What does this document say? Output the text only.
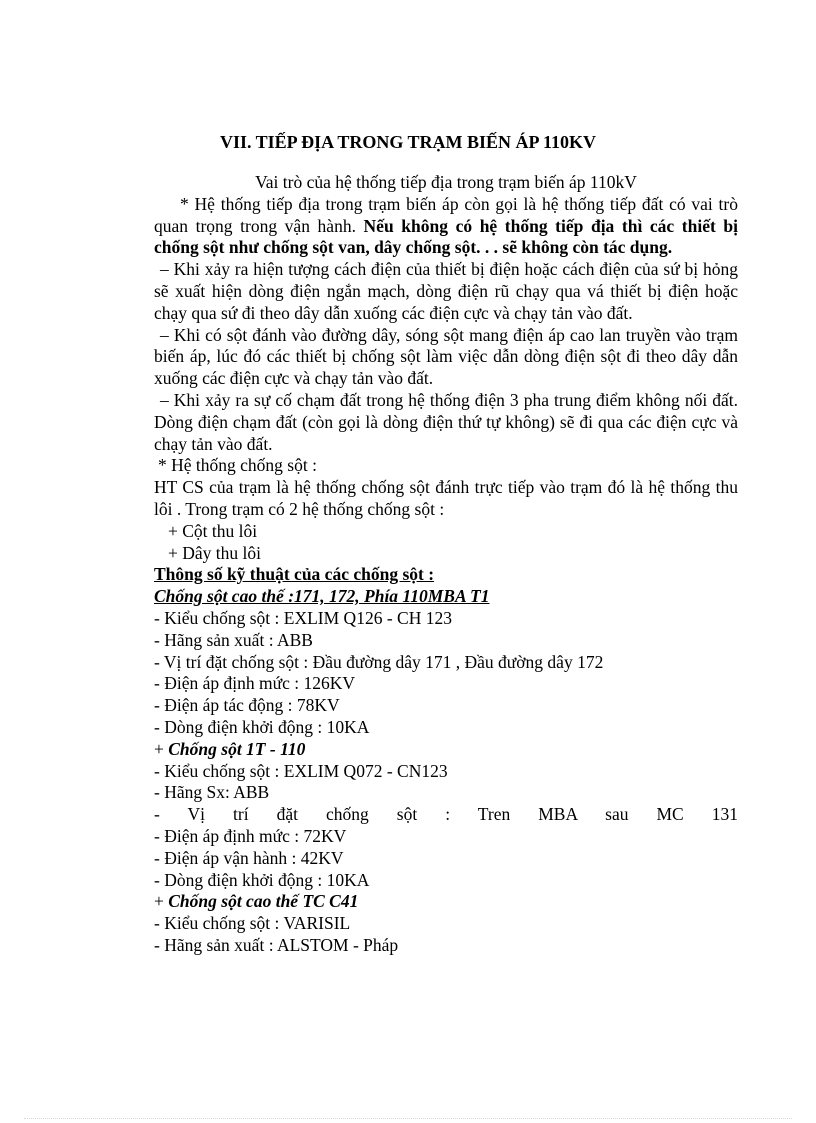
VII. TIẾP ĐỊA TRONG TRẠM BIẾN ÁP 110KV

Vai trò của hệ thống tiếp địa trong trạm biến áp 110kV

* Hệ thống tiếp địa trong trạm biến áp còn gọi là hệ thống tiếp đất có vai trò quan trọng trong vận hành. Nếu không có hệ thống tiếp địa thì các thiết bị chống sột như chống sột van, dây chống sột. . . sẽ không còn tác dụng.

– Khi xảy ra hiện tượng cách điện của thiết bị điện hoặc cách điện của sứ bị hỏng sẽ xuất hiện dòng điện ngắn mạch, dòng điện rũ chạy qua vá thiết bị điện hoặc chạy qua sứ đi theo dây dẫn xuống các điện cực và chạy tản vào đất.

– Khi có sột đánh vào đường dây, sóng sột mang điện áp cao lan truyền vào trạm biến áp, lúc đó các thiết bị chống sột làm việc dẫn dòng điện sột đi theo dây dẫn xuống các điện cực và chạy tản vào đất.

– Khi xảy ra sự cố chạm đất trong hệ thống điện 3 pha trung điểm không nối đất. Dòng điện chạm đất (còn gọi là dòng điện thứ tự không) sẽ đi qua các điện cực và chạy tản vào đất.

* Hệ thống chống sột :

HT CS của trạm là hệ thống chống sột đánh trực tiếp vào trạm đó là hệ thống thu lôi . Trong trạm có 2 hệ thống chống sột :

+ Cột thu lôi

+ Dây thu lôi

Thông số kỹ thuật của các chống sột :

Chống sột cao thế :171, 172, Phía 110MBA T1

- Kiểu chống sột : EXLIM Q126 - CH 123

- Hãng sản xuất : ABB

- Vị trí đặt chống sột : Đầu đường dây 171 , Đầu đường dây 172

- Điện áp định mức : 126KV

- Điện áp tác động : 78KV

- Dòng điện khởi động : 10KA

+ Chống sột 1T - 110

- Kiểu chống sột : EXLIM Q072 - CN123

- Hãng Sx: ABB

- Vị trí đặt chống sột : Tren MBA sau MC 131

- Điện áp định mức : 72KV

- Điện áp vận hành : 42KV

- Dòng điện khởi động : 10KA

+ Chống sột cao thế TC C41

- Kiểu chống sột : VARISIL

- Hãng sản xuất : ALSTOM - Pháp
